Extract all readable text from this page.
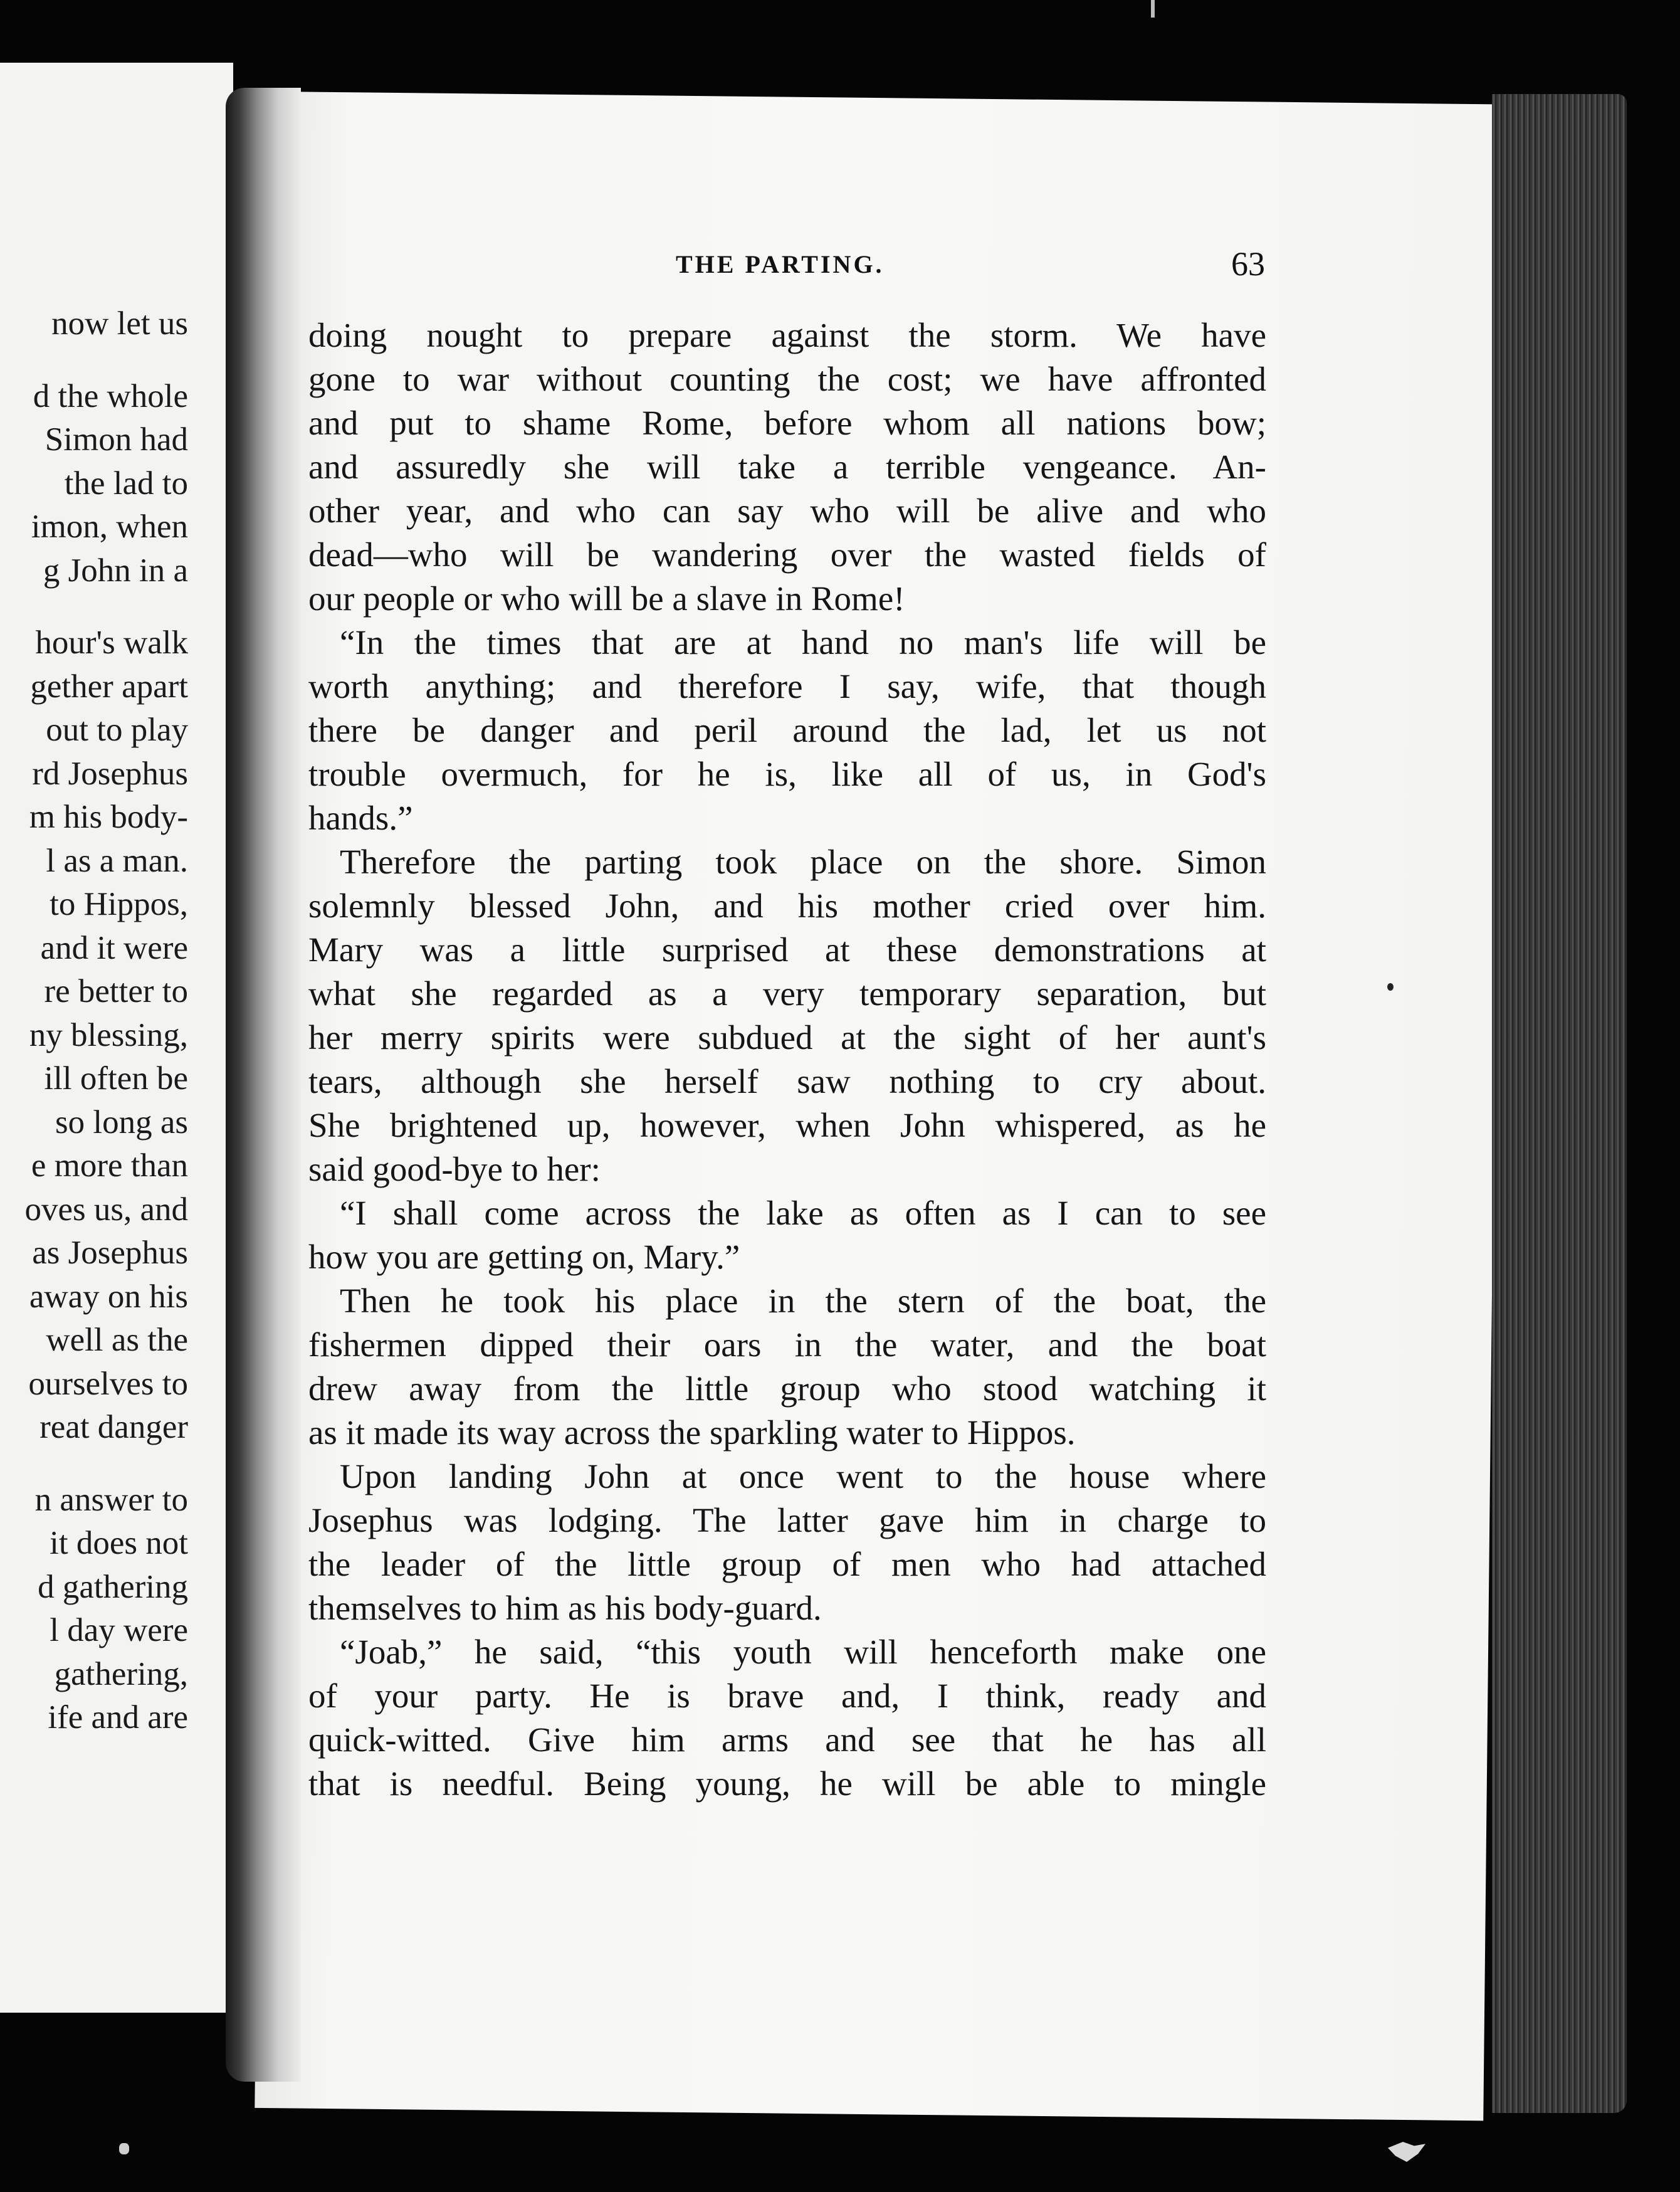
now let us
d the whole
Simon had
the lad to
imon, when
g John in a
hour's walk
gether apart
out to play
rd Josephus
m his body-
l as a man.
to Hippos,
and it were
re better to
ny blessing,
ill often be
so long as
e more than
oves us, and
as Josephus
away on his
well as the
ourselves to
reat danger
n answer to
it does not
d gathering
l day were
gathering,
ife and are
THE PARTING.	63
doing nought to prepare against the storm. We have
gone to war without counting the cost; we have affronted
and put to shame Rome, before whom all nations bow;
and assuredly she will take a terrible vengeance. An-
other year, and who can say who will be alive and who
dead—who will be wandering over the wasted fields of
our people or who will be a slave in Rome!
“In the times that are at hand no man's life will be
worth anything; and therefore I say, wife, that though
there be danger and peril around the lad, let us not
trouble overmuch, for he is, like all of us, in God's
hands.”
Therefore the parting took place on the shore. Simon
solemnly blessed John, and his mother cried over him.
Mary was a little surprised at these demonstrations at
what she regarded as a very temporary separation, but
her merry spirits were subdued at the sight of her aunt's
tears, although she herself saw nothing to cry about.
She brightened up, however, when John whispered, as he
said good-bye to her:
“I shall come across the lake as often as I can to see
how you are getting on, Mary.”
Then he took his place in the stern of the boat, the
fishermen dipped their oars in the water, and the boat
drew away from the little group who stood watching it
as it made its way across the sparkling water to Hippos.
Upon landing John at once went to the house where
Josephus was lodging. The latter gave him in charge to
the leader of the little group of men who had attached
themselves to him as his body-guard.
“Joab,” he said, “this youth will henceforth make one
of your party. He is brave and, I think, ready and
quick-witted. Give him arms and see that he has all
that is needful. Being young, he will be able to mingle
